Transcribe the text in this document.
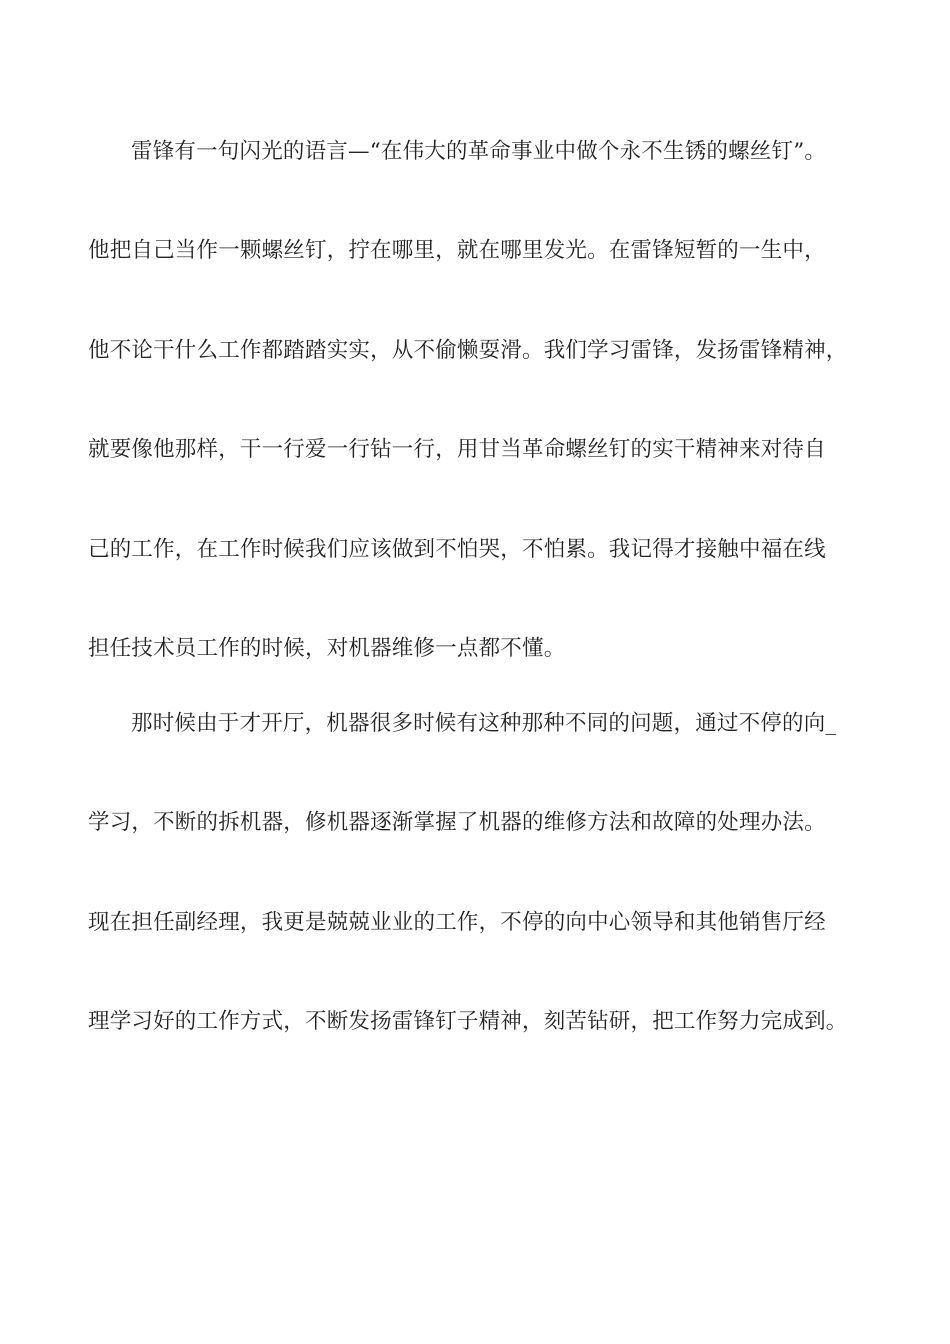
雷锋有一句闪光的语言—“在伟大的革命事业中做个永不生锈的螺丝钉”。
他把自己当作一颗螺丝钉，拧在哪里，就在哪里发光。在雷锋短暂的一生中，
他不论干什么工作都踏踏实实，从不偷懒耍滑。我们学习雷锋，发扬雷锋精神，
就要像他那样，干一行爱一行钻一行，用甘当革命螺丝钉的实干精神来对待自
己的工作，在工作时候我们应该做到不怕哭，不怕累。我记得才接触中福在线
担任技术员工作的时候，对机器维修一点都不懂。
那时候由于才开厅，机器很多时候有这种那种不同的问题，通过不停的向_
学习，不断的拆机器，修机器逐渐掌握了机器的维修方法和故障的处理办法。
现在担任副经理，我更是兢兢业业的工作，不停的向中心领导和其他销售厅经
理学习好的工作方式，不断发扬雷锋钉子精神，刻苦钻研，把工作努力完成到。
